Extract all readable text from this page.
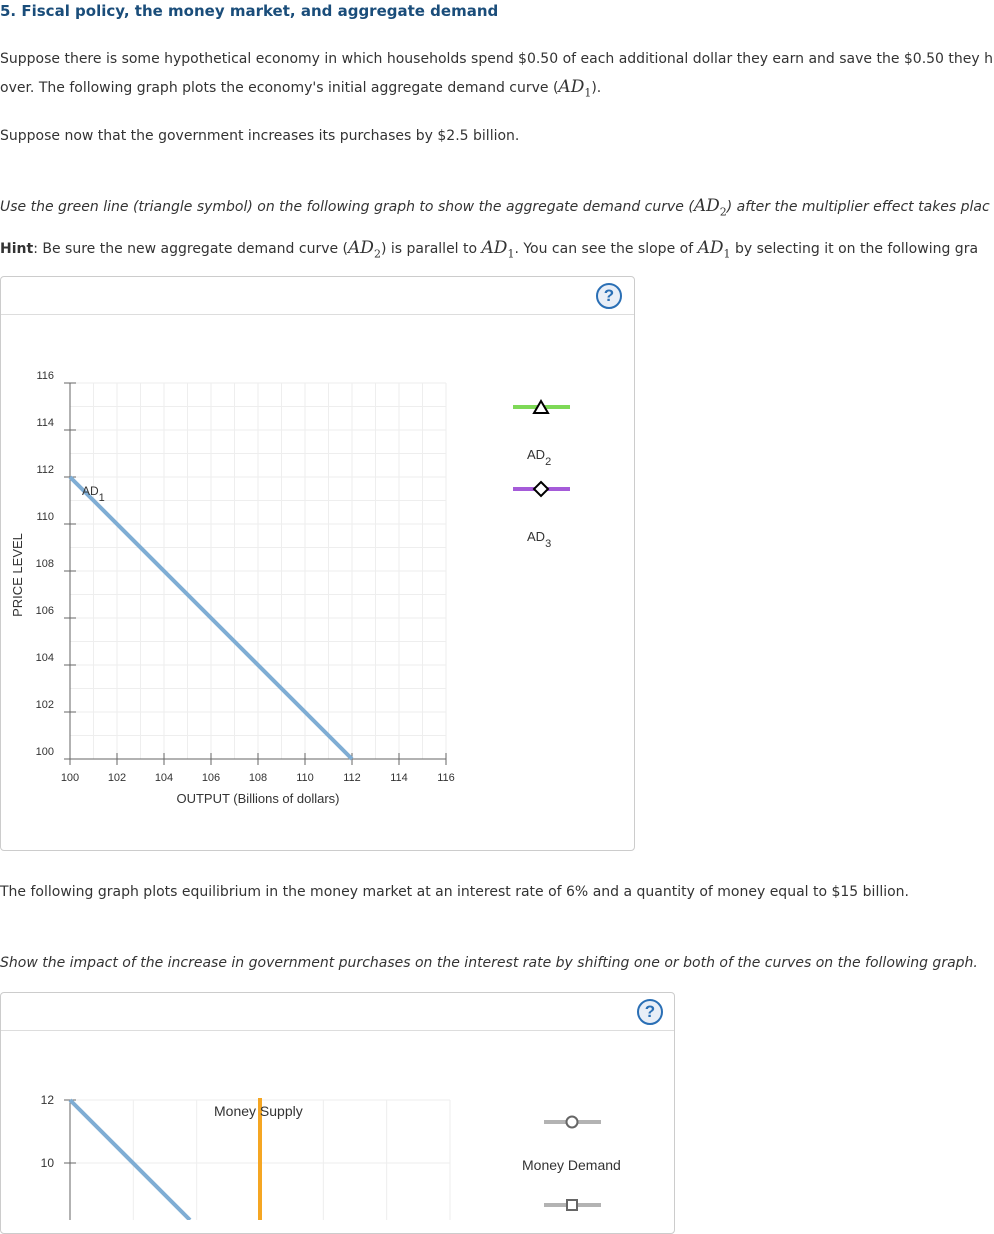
5. Fiscal policy, the money market, and aggregate demand
Suppose there is some hypothetical economy in which households spend $0.50 of each additional dollar they earn and save the $0.50 they h
over. The following graph plots the economy's initial aggregate demand curve $(AD_1)$.
Suppose now that the government increases its purchases by $2.5 billion.
Use the green line (triangle symbol) on the following graph to show the aggregate demand curve $(AD_2)$ after the multiplier effect takes plac
Hint: Be sure the new aggregate demand curve $(AD_2)$ is parallel to $AD_1$. You can see the slope of $AD_1$ by selecting it on the following gra
?
100	102	104	106	108	110	112	114	116
116
114
112
110
108
106
104
102
100
AD1
PRICE LEVEL
OUTPUT (Billions of dollars)
$AD_2$
$AD_3$
The following graph plots equilibrium in the money market at an interest rate of 6% and a quantity of money equal to $15 billion.
Show the impact of the increase in government purchases on the interest rate by shifting one or both of the curves on the following graph.
?
12
10
Money Supply
Money Demand
